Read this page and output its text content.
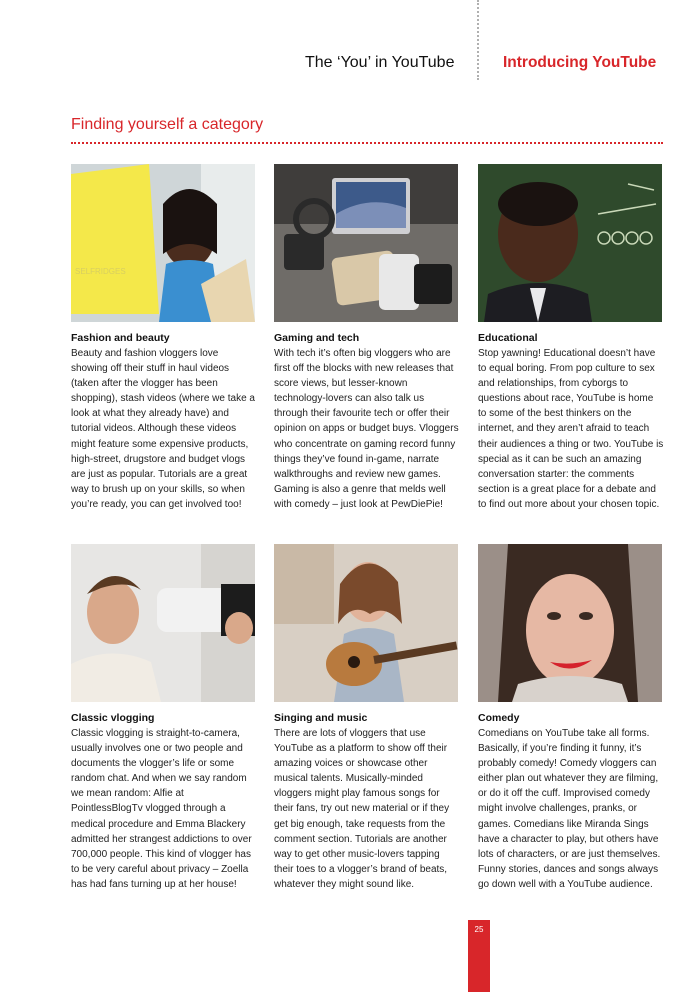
The ‘You’ in YouTube	Introducing YouTube
Finding yourself a category
SELFRIDGES
Fashion and beauty

Beauty and fashion vloggers love showing off their stuff in haul videos (taken after the vlogger has been shopping), stash videos (where we take a look at what they already have) and tutorial videos. Although these videos might feature some expensive products, high-street, drugstore and budget vlogs are just as popular. Tutorials are a great way to brush up on your skills, so when you’re ready, you can get involved too!

Gaming and tech

With tech it’s often big vloggers who are first off the blocks with new releases that score views, but lesser-known technology-lovers can also talk us through their favourite tech or offer their opinion on apps or budget buys. Vloggers who concentrate on gaming record funny things they’ve found in-game, narrate walkthroughs and review new games. Gaming is also a genre that melds well with comedy – just look at PewDiePie!

Educational

Stop yawning! Educational doesn’t have to equal boring. From pop culture to sex and relationships, from cyborgs to questions about race, YouTube is home to some of the best thinkers on the internet, and they aren’t afraid to teach their audiences a thing or two. YouTube is special as it can be such an amazing conversation starter: the comments section is a great place for a debate and to find out more about your chosen topic.

Classic vlogging

Classic vlogging is straight-to-camera, usually involves one or two people and documents the vlogger’s life or some random chat. And when we say random we mean random: Alfie at PointlessBlogTv vlogged through a medical procedure and Emma Blackery admitted her strangest addictions to over 700,000 people. This kind of vlogger has to be very careful about privacy – Zoella has had fans turning up at her house!

Singing and music

There are lots of vloggers that use YouTube as a platform to show off their amazing voices or showcase other musical talents. Musically-minded vloggers might play famous songs for their fans, try out new material or if they get big enough, take requests from the comment section. Tutorials are another way to get other music-lovers tapping their toes to a vlogger’s brand of beats, whatever they might sound like.

Comedy

Comedians on YouTube take all forms. Basically, if you’re finding it funny, it’s probably comedy! Comedy vloggers can either plan out whatever they are filming, or do it off the cuff. Improvised comedy might involve challenges, pranks, or games. Comedians like Miranda Sings have a character to play, but others have lots of characters, or are just themselves. Funny stories, dances and songs always go down well with a YouTube audience.

25
